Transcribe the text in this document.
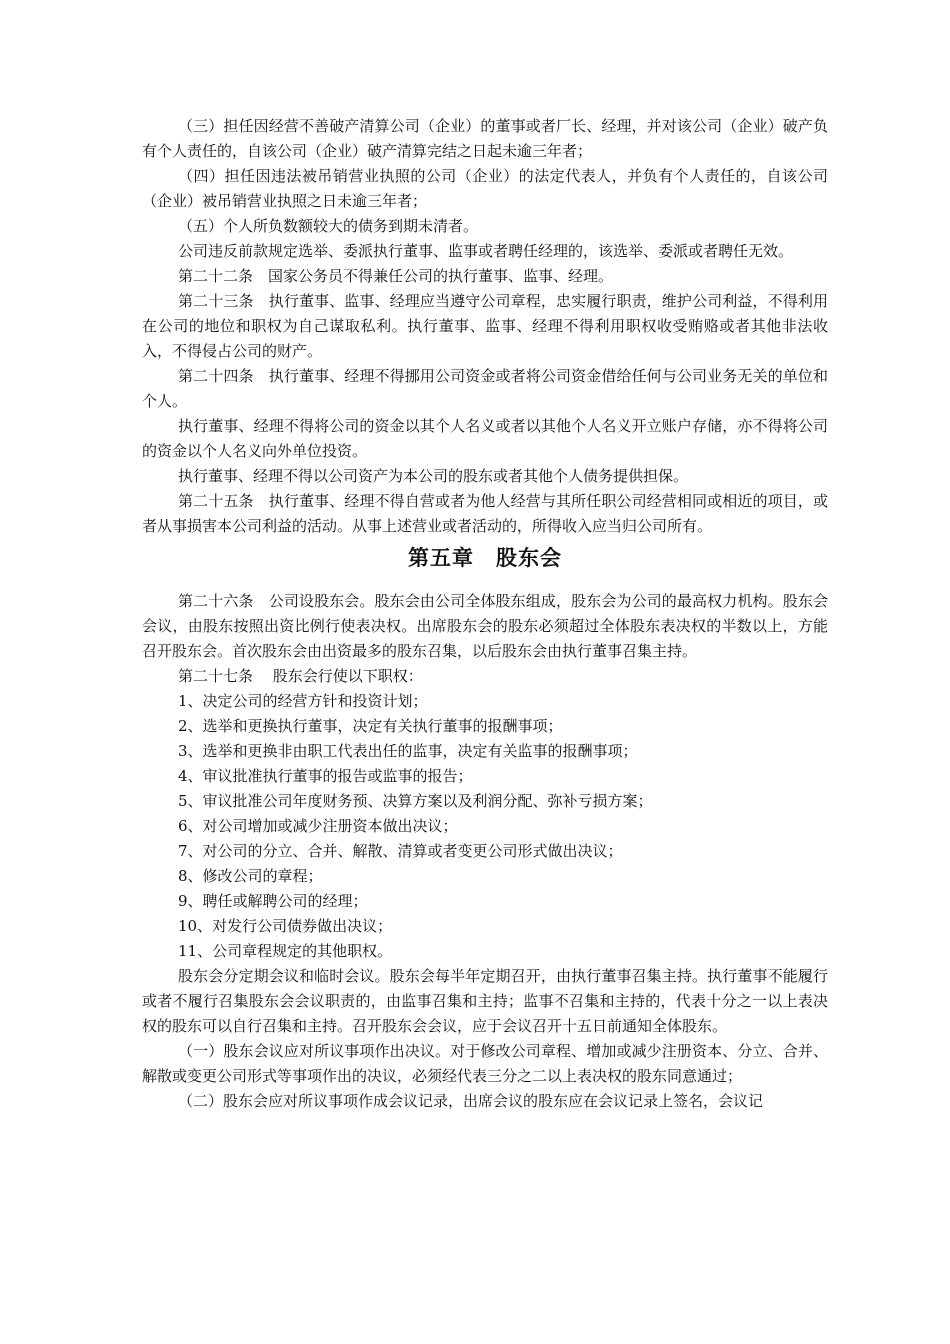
（三）担任因经营不善破产清算公司（企业）的董事或者厂长、经理，并对该公司（企业）破产负有个人责任的，自该公司（企业）破产清算完结之日起未逾三年者；

（四）担任因违法被吊销营业执照的公司（企业）的法定代表人，并负有个人责任的，自该公司（企业）被吊销营业执照之日未逾三年者；

（五）个人所负数额较大的债务到期未清者。

公司违反前款规定选举、委派执行董事、监事或者聘任经理的，该选举、委派或者聘任无效。

第二十二条　国家公务员不得兼任公司的执行董事、监事、经理。

第二十三条　执行董事、监事、经理应当遵守公司章程，忠实履行职责，维护公司利益，不得利用在公司的地位和职权为自己谋取私利。执行董事、监事、经理不得利用职权收受贿赂或者其他非法收入，不得侵占公司的财产。

第二十四条　执行董事、经理不得挪用公司资金或者将公司资金借给任何与公司业务无关的单位和个人。

执行董事、经理不得将公司的资金以其个人名义或者以其他个人名义开立账户存储，亦不得将公司的资金以个人名义向外单位投资。

执行董事、经理不得以公司资产为本公司的股东或者其他个人债务提供担保。

第二十五条　执行董事、经理不得自营或者为他人经营与其所任职公司经营相同或相近的项目，或者从事损害本公司利益的活动。从事上述营业或者活动的，所得收入应当归公司所有。

第五章　股东会

第二十六条　公司设股东会。股东会由公司全体股东组成，股东会为公司的最高权力机构。股东会会议，由股东按照出资比例行使表决权。出席股东会的股东必须超过全体股东表决权的半数以上，方能召开股东会。首次股东会由出资最多的股东召集，以后股东会由执行董事召集主持。

第二十七条　 股东会行使以下职权：

1、决定公司的经营方针和投资计划；

2、选举和更换执行董事，决定有关执行董事的报酬事项；

3、选举和更换非由职工代表出任的监事，决定有关监事的报酬事项；

4、审议批准执行董事的报告或监事的报告；

5、审议批准公司年度财务预、决算方案以及利润分配、弥补亏损方案；

6、对公司增加或减少注册资本做出决议；

7、对公司的分立、合并、解散、清算或者变更公司形式做出决议；

8、修改公司的章程；

9、聘任或解聘公司的经理；

10、对发行公司债券做出决议；

11、公司章程规定的其他职权。

股东会分定期会议和临时会议。股东会每半年定期召开，由执行董事召集主持。执行董事不能履行或者不履行召集股东会会议职责的，由监事召集和主持；监事不召集和主持的，代表十分之一以上表决权的股东可以自行召集和主持。召开股东会会议，应于会议召开十五日前通知全体股东。

（一）股东会议应对所议事项作出决议。对于修改公司章程、增加或减少注册资本、分立、合并、解散或变更公司形式等事项作出的决议，必须经代表三分之二以上表决权的股东同意通过；

（二）股东会应对所议事项作成会议记录，出席会议的股东应在会议记录上签名，会议记
